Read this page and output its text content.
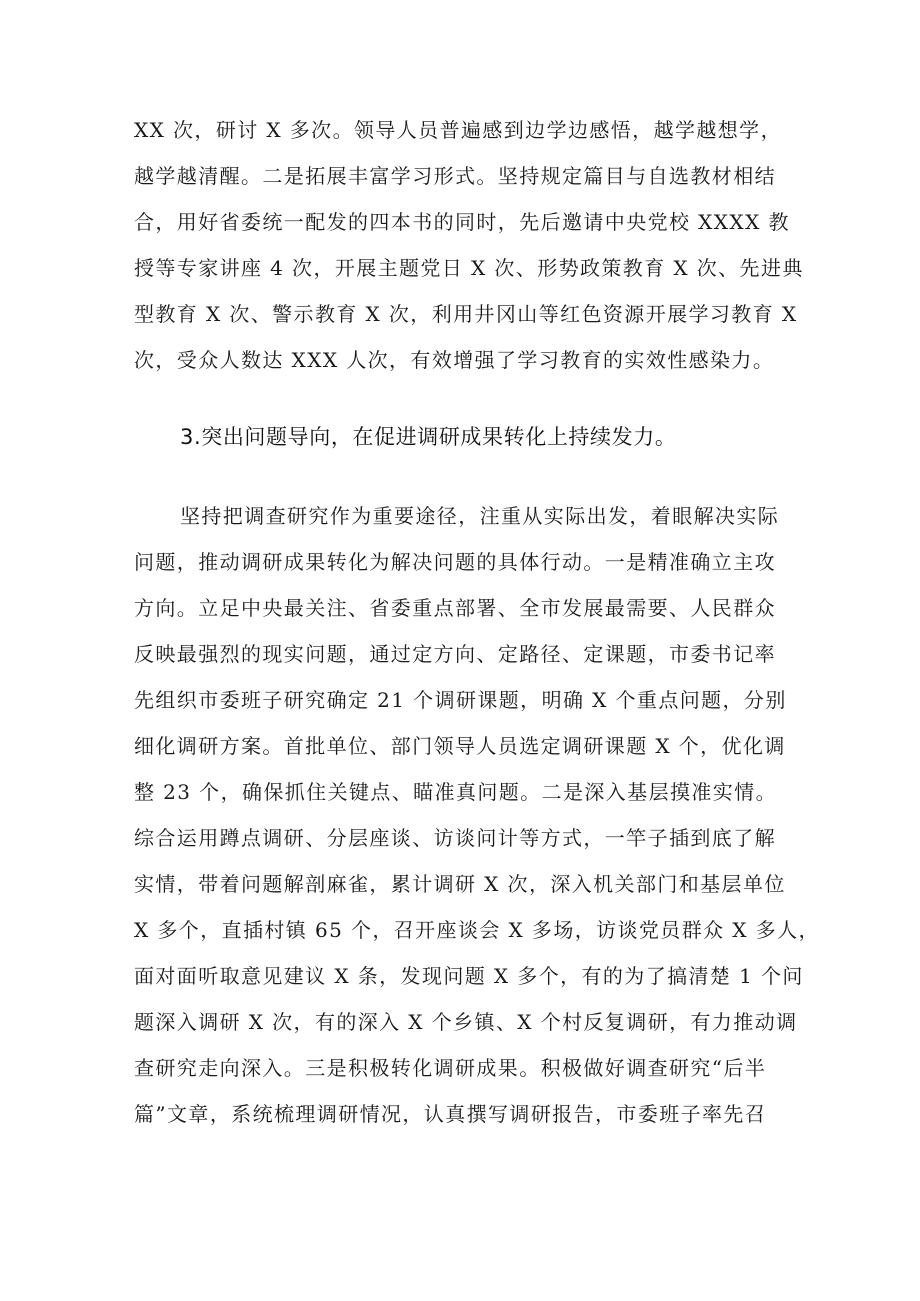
XX 次，研讨 X 多次。领导人员普遍感到边学边感悟，越学越想学，
越学越清醒。二是拓展丰富学习形式。坚持规定篇目与自选教材相结
合，用好省委统一配发的四本书的同时，先后邀请中央党校 XXXX 教
授等专家讲座 4 次，开展主题党日 X 次、形势政策教育 X 次、先进典
型教育 X 次、警示教育 X 次，利用井冈山等红色资源开展学习教育 X
次，受众人数达 XXX 人次，有效增强了学习教育的实效性感染力。
3.突出问题导向，在促进调研成果转化上持续发力。
坚持把调查研究作为重要途径，注重从实际出发，着眼解决实际
问题，推动调研成果转化为解决问题的具体行动。一是精准确立主攻
方向。立足中央最关注、省委重点部署、全市发展最需要、人民群众
反映最强烈的现实问题，通过定方向、定路径、定课题，市委书记率
先组织市委班子研究确定 21 个调研课题，明确 X 个重点问题，分别
细化调研方案。首批单位、部门领导人员选定调研课题 X 个，优化调
整 23 个，确保抓住关键点、瞄准真问题。二是深入基层摸准实情。
综合运用蹲点调研、分层座谈、访谈问计等方式，一竿子插到底了解
实情，带着问题解剖麻雀，累计调研 X 次，深入机关部门和基层单位
X 多个，直插村镇 65 个，召开座谈会 X 多场，访谈党员群众 X 多人，
面对面听取意见建议 X 条，发现问题 X 多个，有的为了搞清楚 1 个问
题深入调研 X 次，有的深入 X 个乡镇、X 个村反复调研，有力推动调
查研究走向深入。三是积极转化调研成果。积极做好调查研究“后半
篇”文章，系统梳理调研情况，认真撰写调研报告，市委班子率先召
